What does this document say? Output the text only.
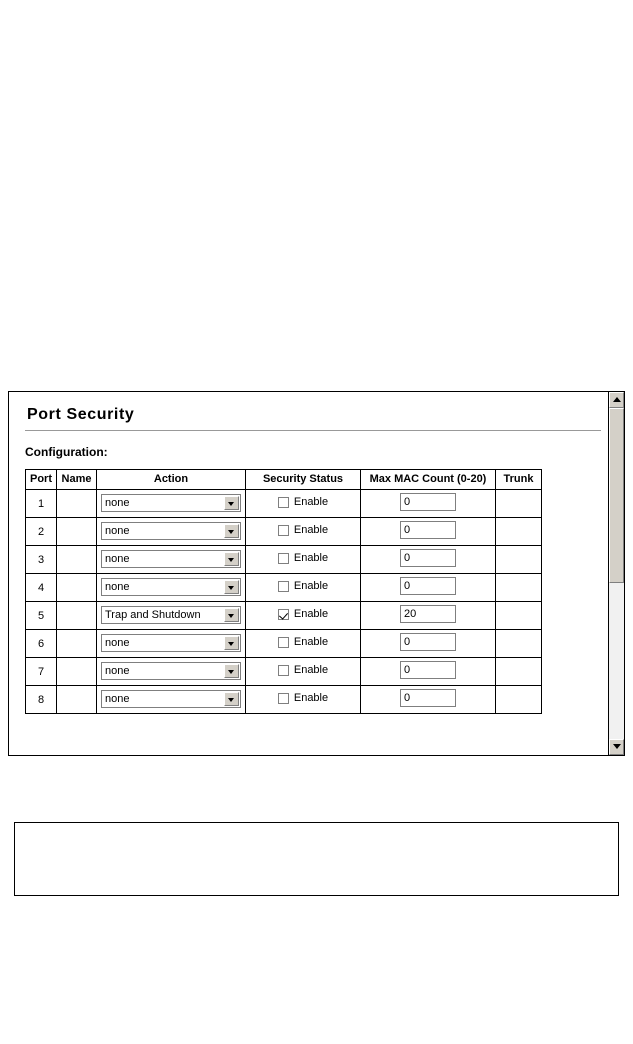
Port Security
Configuration:
Port	Name	Action	Security Status	Max MAC Count (0-20)	Trunk
1		none	Enable	0	
2		none	Enable	0	
3		none	Enable	0	
4		none	Enable	0	
5		Trap and Shutdown	Enable	20	
6		none	Enable	0	
7		none	Enable	0	
8		none	Enable	0	
